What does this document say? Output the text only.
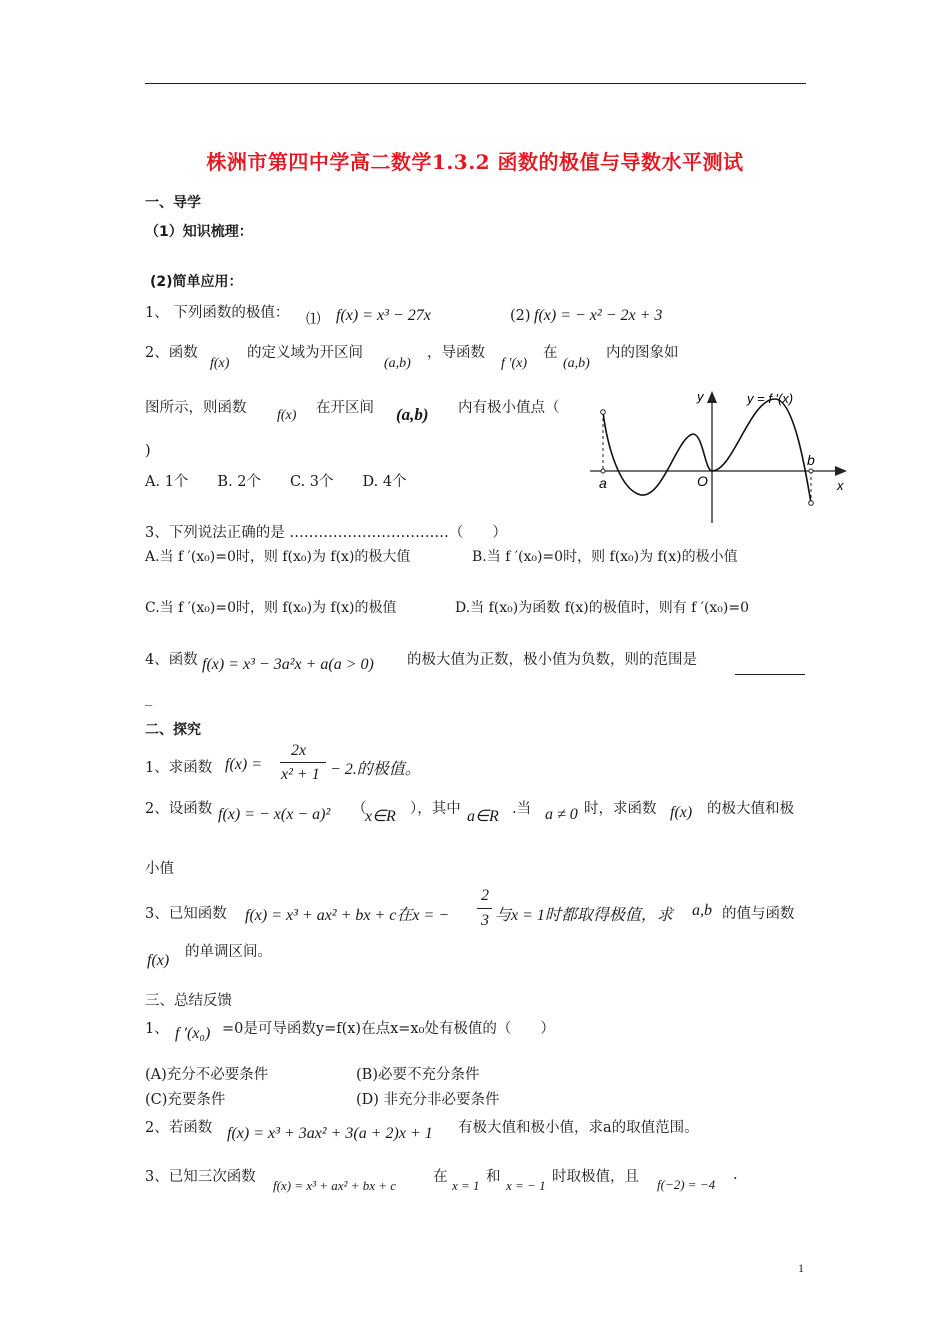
株洲市第四中学高二数学1.3.2 函数的极值与导数水平测试
一、导学
（1）知识梳理：
(2)简单应用：
1、 下列函数的极值： ⑴ f(x) = x³ − 27x	(2) f(x) = − x² − 2x + 3
2、函数
f(x)
的定义域为开区间
(a,b)
，导函数
f ′(x)
在
(a,b)
内的图象如
图所示，则函数 f(x) 在开区间 (a,b) 内有极小值点（
)
A. 1个　　B. 2个　　C. 3个　　D. 4个
y	y = f ′(x)
a
b
O	x
3、下列说法正确的是 ……………………………（　　）
A.当 f ′(x₀)=0时，则 f(x₀)为 f(x)的极大值	B.当 f ′(x₀)=0时，则 f(x₀)为 f(x)的极小值
C.当 f ′(x₀)=0时，则 f(x₀)为 f(x)的极值	D.当 f(x₀)为函数 f(x)的极值时，则有 f ′(x₀)=0
4、函数 f(x) = x³ − 3a²x + a(a > 0) 的极大值为正数，极小值为负数，则的范围是
_
二、探究
1、求函数 f(x) =
2x
x² + 1 − 2.的极值。
2、设函数 f(x) = − x(x − a)² （
x∈R ），其中 a∈R .当 a ≠ 0 时，求函数 f(x) 的极大值和极
小值
3、已知函数 f(x) = x³ + ax² + bx + c在x = −
2
3 与x = 1时都取得极值，求 a,b 的值与函数
f(x) 的单调区间。
三、总结反馈
1、 f ′(x₀) =0是可导函数y=f(x)在点x=x₀处有极值的（　　）
(A)充分不必要条件	(B)必要不充分条件
(C)充要条件	(D) 非充分非必要条件
2、若函数 f(x) = x³ + 3ax² + 3(a + 2)x + 1 有极大值和极小值，求a的取值范围。
3、已知三次函数
f(x) = x³ + ax² + bx + c
在
x = 1
和
x = − 1
时取极值，且 f(−2) = −4
.
1
